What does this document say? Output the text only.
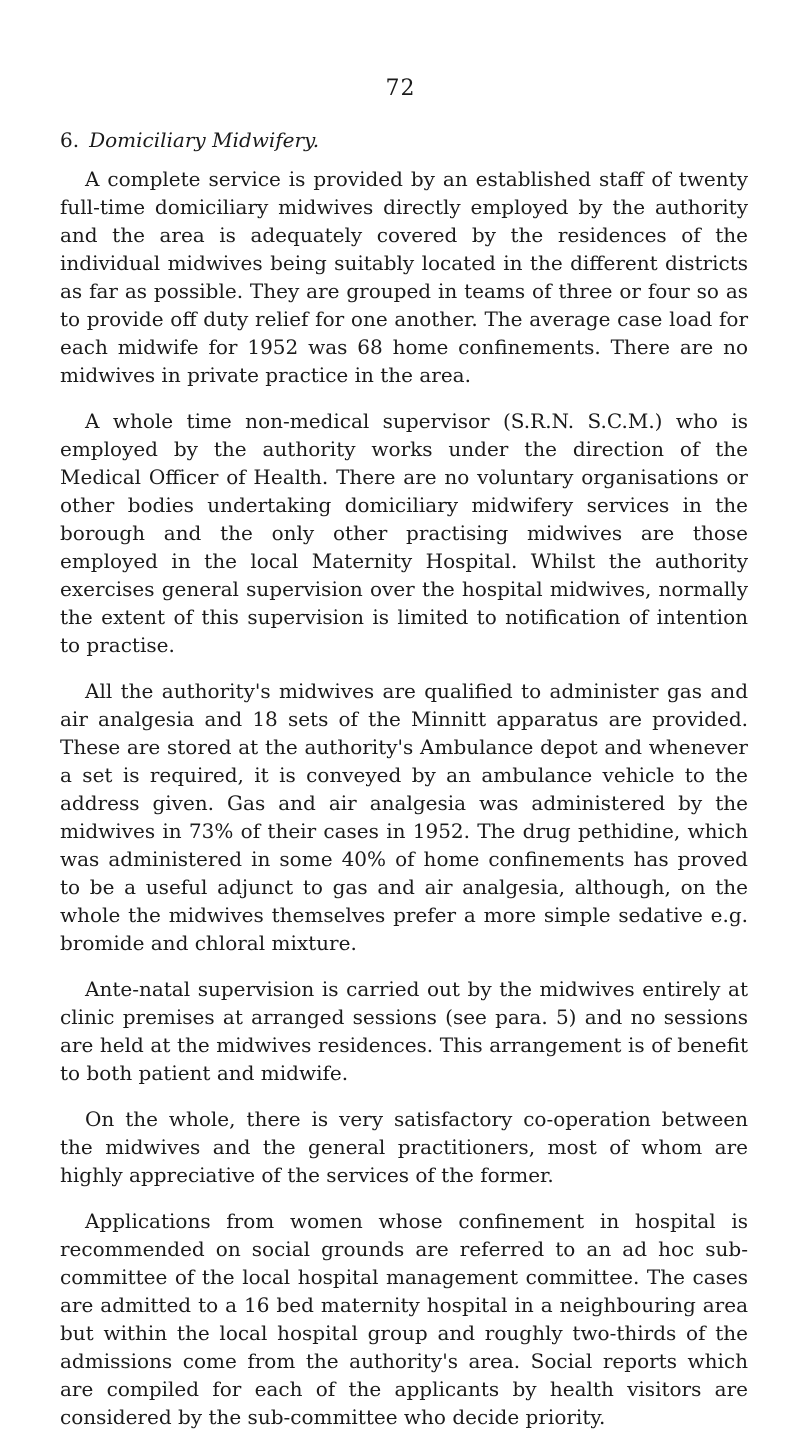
72
6. Domiciliary Midwifery.

A complete service is provided by an established staff of twenty full-time domiciliary midwives directly employed by the authority and the area is adequately covered by the residences of the individual midwives being suitably located in the different districts as far as possible. They are grouped in teams of three or four so as to provide off duty relief for one another. The average case load for each midwife for 1952 was 68 home confinements. There are no midwives in private practice in the area.

A whole time non-medical supervisor (S.R.N. S.C.M.) who is employed by the authority works under the direction of the Medical Officer of Health. There are no voluntary organisations or other bodies undertaking domiciliary midwifery services in the borough and the only other practising midwives are those employed in the local Maternity Hospital. Whilst the authority exercises general supervision over the hospital midwives, normally the extent of this supervision is limited to notification of intention to practise.

All the authority's midwives are qualified to administer gas and air analgesia and 18 sets of the Minnitt apparatus are provided. These are stored at the authority's Ambulance depot and whenever a set is required, it is conveyed by an ambulance vehicle to the address given. Gas and air analgesia was administered by the midwives in 73% of their cases in 1952. The drug pethidine, which was administered in some 40% of home confinements has proved to be a useful adjunct to gas and air analgesia, although, on the whole the midwives themselves prefer a more simple sedative e.g. bromide and chloral mixture.

Ante-natal supervision is carried out by the midwives entirely at clinic premises at arranged sessions (see para. 5) and no sessions are held at the midwives residences. This arrangement is of benefit to both patient and midwife.

On the whole, there is very satisfactory co-operation between the midwives and the general practitioners, most of whom are highly appreciative of the services of the former.

Applications from women whose confinement in hospital is recommended on social grounds are referred to an ad hoc sub-committee of the local hospital management committee. The cases are admitted to a 16 bed maternity hospital in a neighbouring area but within the local hospital group and roughly two-thirds of the admissions come from the authority's area. Social reports which are compiled for each of the applicants by health visitors are considered by the sub-committee who decide priority.
